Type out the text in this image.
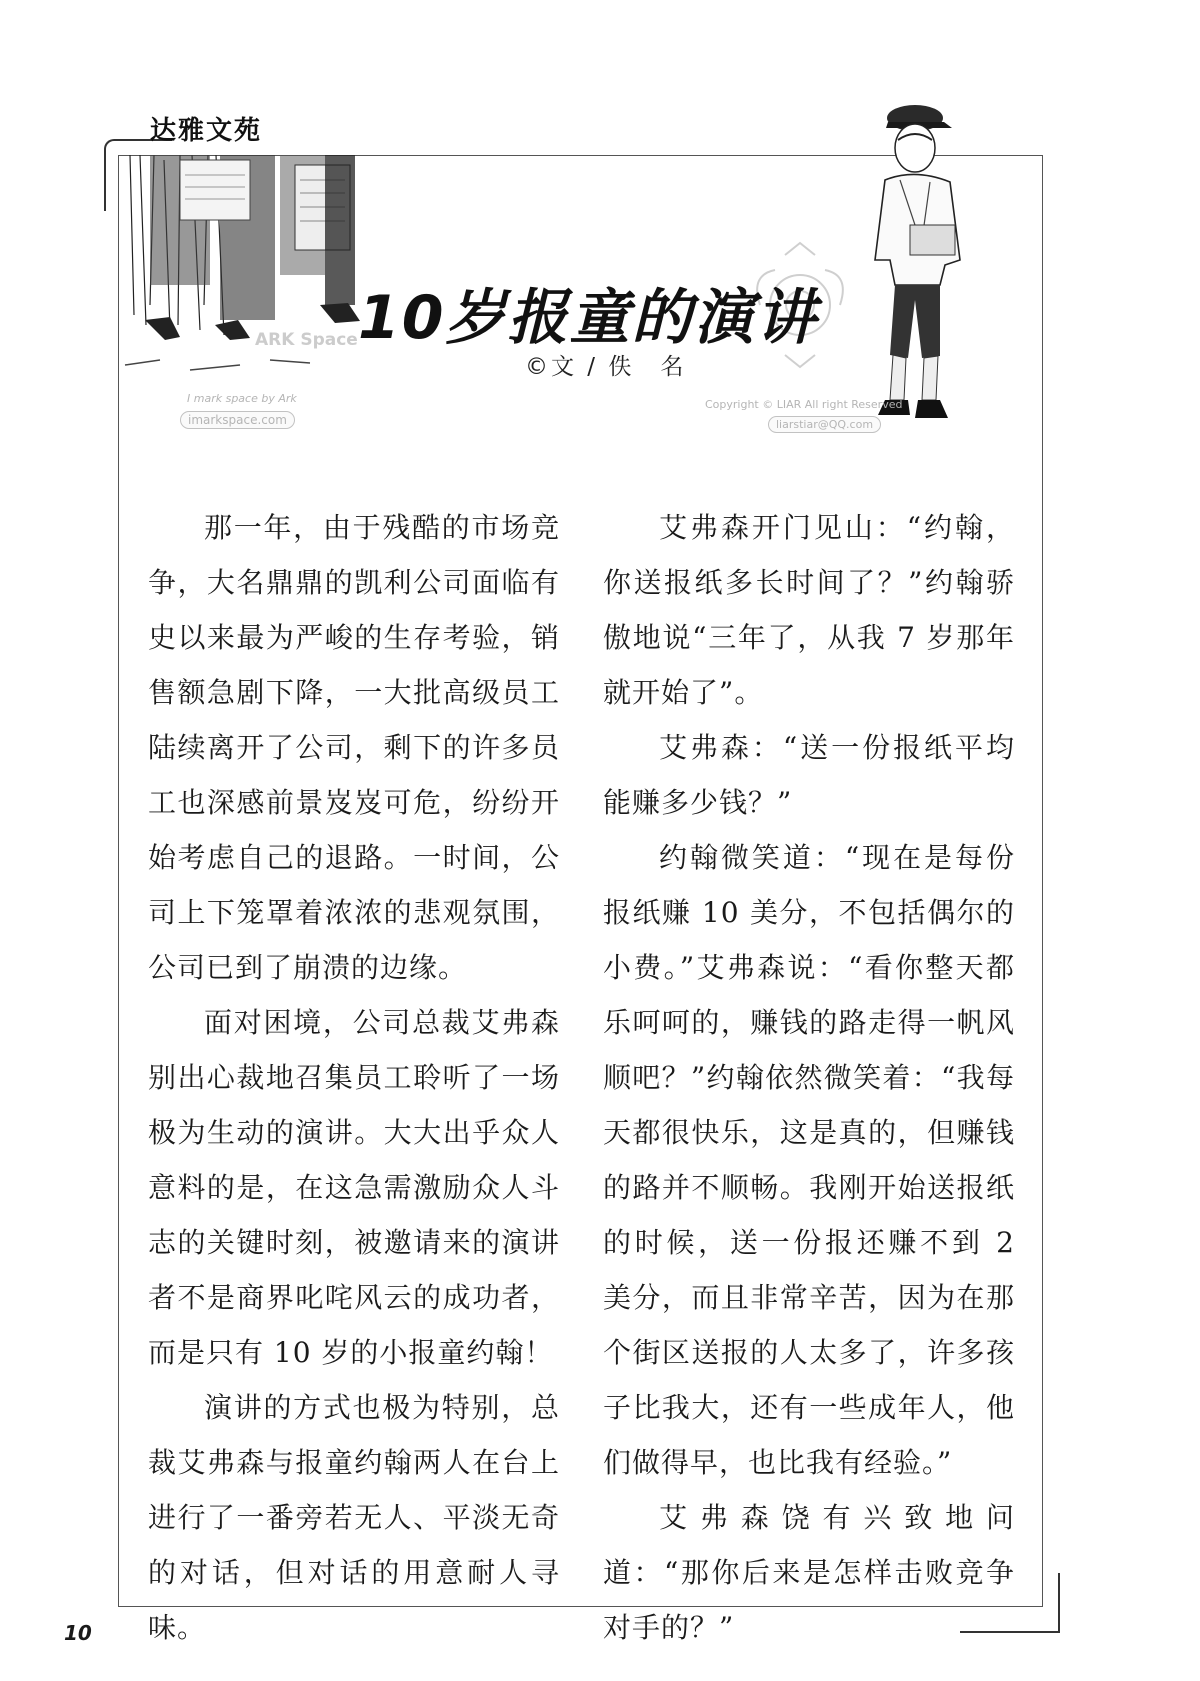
达雅文苑
ARK Space
I mark space by Ark
imarkspace.com
Copyright © LIAR All right Reserved
liarstiar@QQ.com
10岁报童的演讲
©文 / 佚　名

那一年，由于残酷的市场竞争，大名鼎鼎的凯利公司面临有史以来最为严峻的生存考验，销售额急剧下降，一大批高级员工陆续离开了公司，剩下的许多员工也深感前景岌岌可危，纷纷开始考虑自己的退路。一时间，公司上下笼罩着浓浓的悲观氛围，公司已到了崩溃的边缘。

面对困境，公司总裁艾弗森别出心裁地召集员工聆听了一场极为生动的演讲。大大出乎众人意料的是，在这急需激励众人斗志的关键时刻，被邀请来的演讲者不是商界叱咤风云的成功者，而是只有 10 岁的小报童约翰！

演讲的方式也极为特别，总裁艾弗森与报童约翰两人在台上进行了一番旁若无人、平淡无奇的对话，但对话的用意耐人寻味。

艾弗森开门见山：“约翰，你送报纸多长时间了？”约翰骄傲地说“三年了，从我 7 岁那年就开始了”。

艾弗森：“送一份报纸平均能赚多少钱？”

约翰微笑道：“现在是每份报纸赚 10 美分，不包括偶尔的小费。”艾弗森说：“看你整天都乐呵呵的，赚钱的路走得一帆风顺吧？”约翰依然微笑着：“我每天都很快乐，这是真的，但赚钱的路并不顺畅。我刚开始送报纸的时候，送一份报还赚不到 2 美分，而且非常辛苦，因为在那个街区送报的人太多了，许多孩子比我大，还有一些成年人，他们做得早，也比我有经验。”

艾弗森饶有兴致地问道：“那你后来是怎样击败竞争对手的？”

10
